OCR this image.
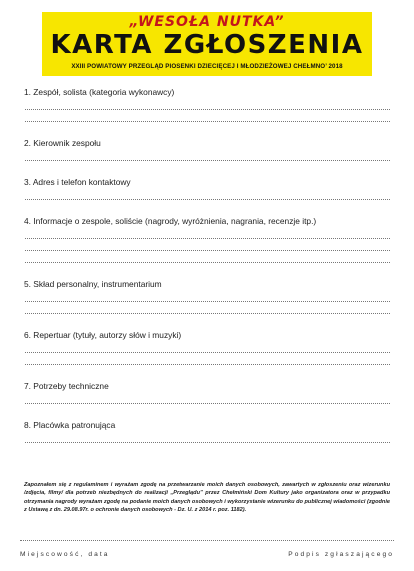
„WESOŁA NUTKA”
KARTA ZGŁOSZENIA
XXIII POWIATOWY PRZEGLĄD PIOSENKI DZIECIĘCEJ I MŁODZIEŻOWEJ CHEŁMNO’ 2018
1. Zespół, solista (kategoria wykonawcy)
2. Kierownik zespołu
3. Adres i telefon kontaktowy
4. Informacje o zespole, soliście (nagrody, wyróżnienia, nagrania, recenzje itp.)
5. Skład personalny, instrumentarium
6. Repertuar (tytuły, autorzy słów i muzyki)
7. Potrzeby techniczne
8. Placówka patronująca
Zapoznałem się z regulaminem i wyrażam zgodę na przetwarzanie moich danych osobowych, zawartych w zgłoszeniu oraz wizerunku /zdjęcia, filmy/ dla potrzeb niezbędnych do realizacji „Przeglądu” przez Chełmiński Dom Kultury jako organizatora oraz w przypadku otrzymania nagrody wyrażam zgodę na podanie moich danych osobowych i wykorzystanie wizerunku do publicznej wiadomości (zgodnie z Ustawą z dn. 29.08.97r. o ochronie danych osobowych - Dz. U. z 2014 r. poz. 1182).
Miejscowość, data	Podpis zgłaszającego
